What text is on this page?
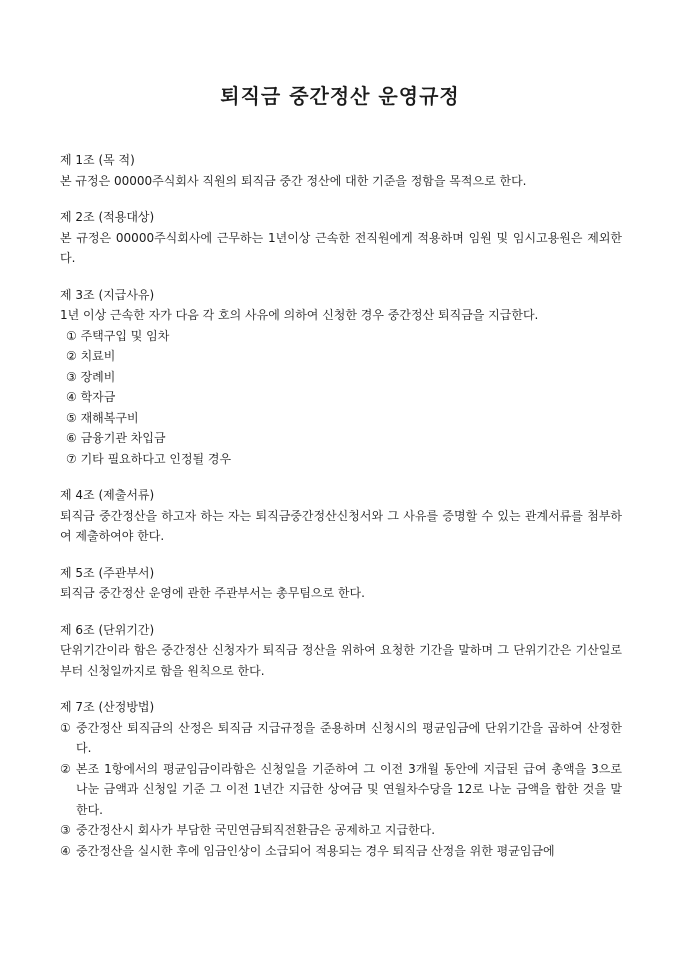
퇴직금 중간정산 운영규정
제 1조 (목 적)
본 규정은 00000주식회사 직원의 퇴직금 중간 정산에 대한 기준을 정함을 목적으로 한다.
제 2조 (적용대상)
본 규정은 00000주식회사에 근무하는 1년이상 근속한 전직원에게 적용하며 임원 및 임시고용원은 제외한다.
제 3조 (지급사유)
1년 이상 근속한 자가 다음 각 호의 사유에 의하여 신청한 경우 중간정산 퇴직금을 지급한다.
① 주택구입 및 임차
② 치료비
③ 장례비
④ 학자금
⑤ 재해복구비
⑥ 금융기관 차입금
⑦ 기타 필요하다고 인정될 경우
제 4조 (제출서류)
퇴직금 중간정산을 하고자 하는 자는 퇴직금중간정산신청서와 그 사유를 증명할 수 있는 관계서류를 첨부하여 제출하여야 한다.
제 5조 (주관부서)
퇴직금 중간정산 운영에 관한 주관부서는 총무팀으로 한다.
제 6조 (단위기간)
단위기간이라 함은 중간정산 신청자가 퇴직금 정산을 위하여 요청한 기간을 말하며 그 단위기간은 기산일로부터 신청일까지로 함을 원칙으로 한다.
제 7조 (산정방법)
① 중간정산 퇴직금의 산정은 퇴직금 지급규정을 준용하며 신청시의 평균임금에 단위기간을 곱하여 산정한다.
② 본조 1항에서의 평균임금이라함은 신청일을 기준하여 그 이전 3개월 동안에 지급된 급여 총액을 3으로 나눈 금액과 신청일 기준 그 이전 1년간 지급한 상여금 및 연월차수당을 12로 나눈 금액을 합한 것을 말한다.
③ 중간정산시 회사가 부담한 국민연금퇴직전환금은 공제하고 지급한다.
④ 중간정산을 실시한 후에 임금인상이 소급되어 적용되는 경우 퇴직금 산정을 위한 평균임금에
